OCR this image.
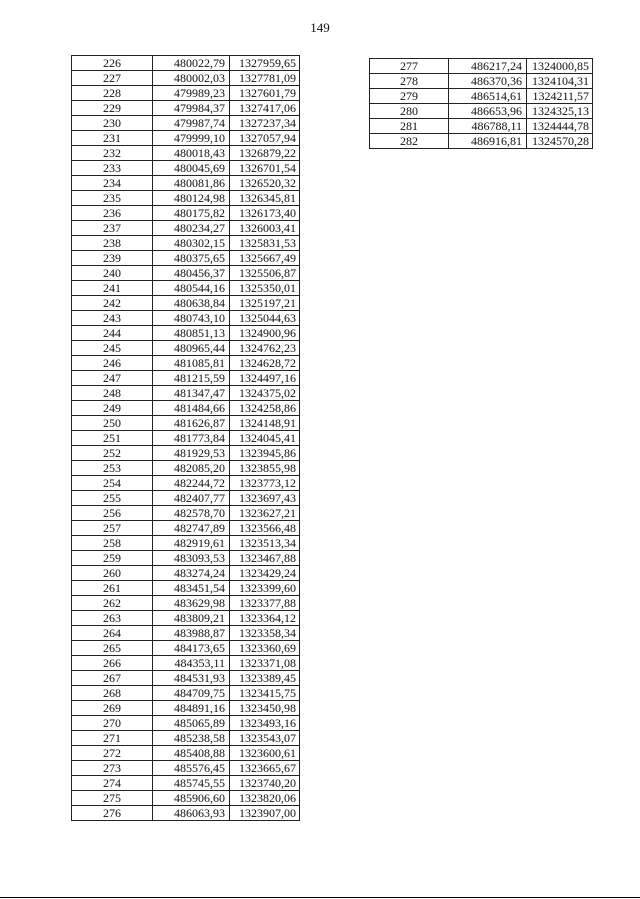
149
226	480022,79	1327959,65
227	480002,03	1327781,09
228	479989,23	1327601,79
229	479984,37	1327417,06
230	479987,74	1327237,34
231	479999,10	1327057,94
232	480018,43	1326879,22
233	480045,69	1326701,54
234	480081,86	1326520,32
235	480124,98	1326345,81
236	480175,82	1326173,40
237	480234,27	1326003,41
238	480302,15	1325831,53
239	480375,65	1325667,49
240	480456,37	1325506,87
241	480544,16	1325350,01
242	480638,84	1325197,21
243	480743,10	1325044,63
244	480851,13	1324900,96
245	480965,44	1324762,23
246	481085,81	1324628,72
247	481215,59	1324497,16
248	481347,47	1324375,02
249	481484,66	1324258,86
250	481626,87	1324148,91
251	481773,84	1324045,41
252	481929,53	1323945,86
253	482085,20	1323855,98
254	482244,72	1323773,12
255	482407,77	1323697,43
256	482578,70	1323627,21
257	482747,89	1323566,48
258	482919,61	1323513,34
259	483093,53	1323467,88
260	483274,24	1323429,24
261	483451,54	1323399,60
262	483629,98	1323377,88
263	483809,21	1323364,12
264	483988,87	1323358,34
265	484173,65	1323360,69
266	484353,11	1323371,08
267	484531,93	1323389,45
268	484709,75	1323415,75
269	484891,16	1323450,98
270	485065,89	1323493,16
271	485238,58	1323543,07
272	485408,88	1323600,61
273	485576,45	1323665,67
274	485745,55	1323740,20
275	485906,60	1323820,06
276	486063,93	1323907,00
277	486217,24	1324000,85
278	486370,36	1324104,31
279	486514,61	1324211,57
280	486653,96	1324325,13
281	486788,11	1324444,78
282	486916,81	1324570,28
